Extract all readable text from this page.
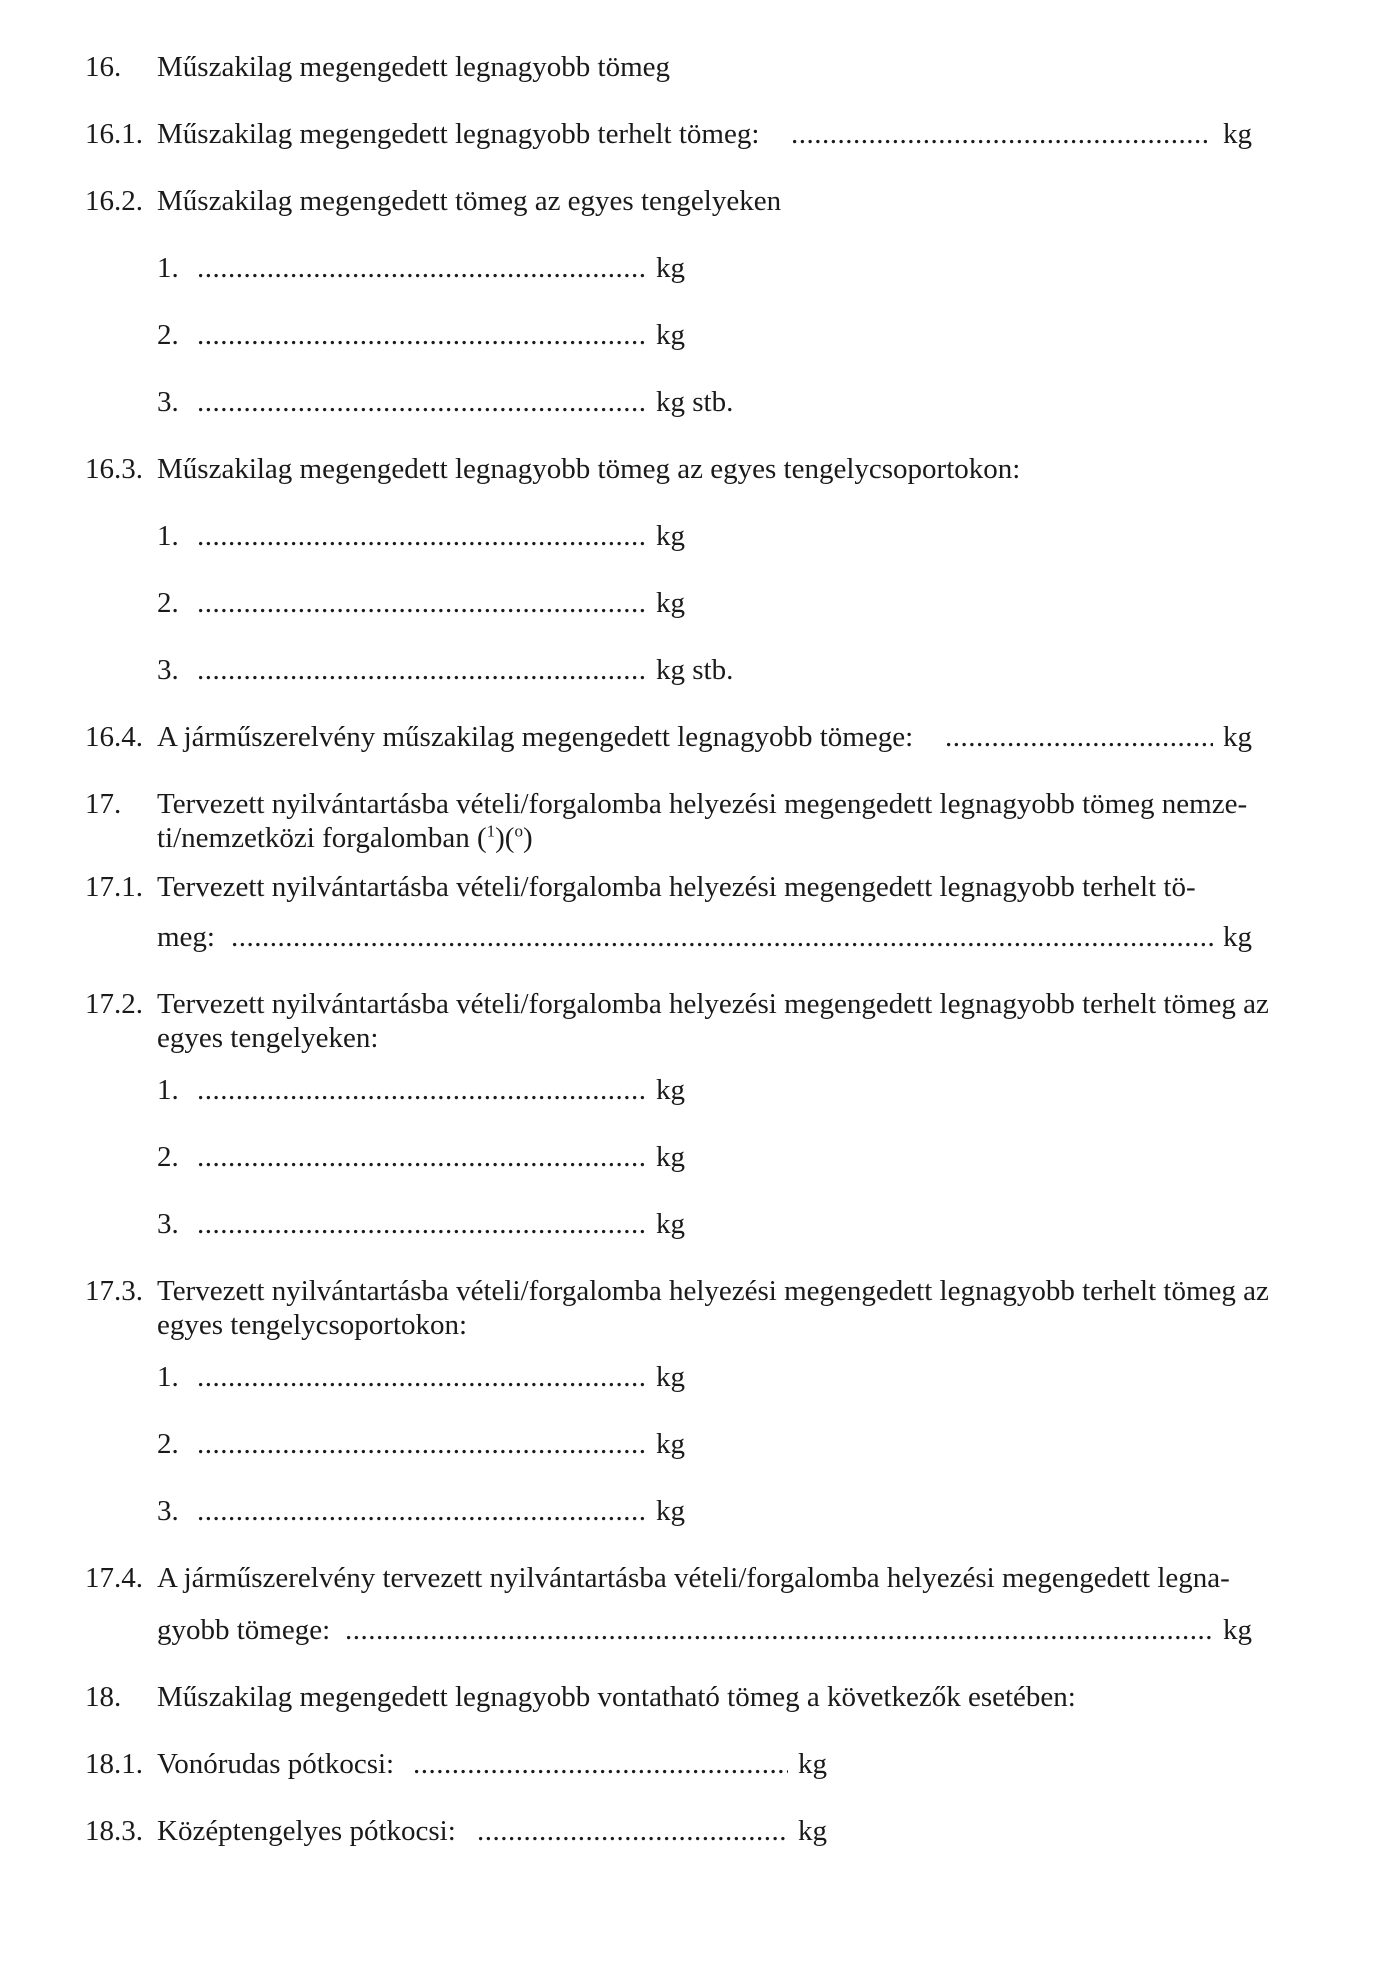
16. Műszakilag megengedett legnagyobb tömeg
16.1. Műszakilag megengedett legnagyobb terhelt tömeg: .....	kg
16.2. Műszakilag megengedett tömeg az egyes tengelyeken
1. .....	kg
2. .....	kg
3. .....	kg stb.
16.3. Műszakilag megengedett legnagyobb tömeg az egyes tengelycsoportokon:
1. .....	kg
2. .....	kg
3. .....	kg stb.
16.4. A járműszerelvény műszakilag megengedett legnagyobb tömege: .....	kg
17. Tervezett nyilvántartásba vételi/forgalomba helyezési megengedett legnagyobb tömeg nemze-ti/nemzetközi forgalomban ($^1$)($^o$)
17.1. Tervezett nyilvántartásba vételi/forgalomba helyezési megengedett legnagyobb terhelt tö-
meg: .....	kg
17.2. Tervezett nyilvántartásba vételi/forgalomba helyezési megengedett legnagyobb terhelt tömeg az egyes tengelyeken:
1. .....	kg
2. .....	kg
3. .....	kg
17.3. Tervezett nyilvántartásba vételi/forgalomba helyezési megengedett legnagyobb terhelt tömeg az egyes tengelycsoportokon:
1. .....	kg
2. .....	kg
3. .....	kg
17.4. A járműszerelvény tervezett nyilvántartásba vételi/forgalomba helyezési megengedett legna-
gyobb tömege: .....	kg
18. Műszakilag megengedett legnagyobb vontatható tömeg a következők esetében:
18.1. Vonórudas pótkocsi: .....	kg
18.3. Középtengelyes pótkocsi: .....	kg
